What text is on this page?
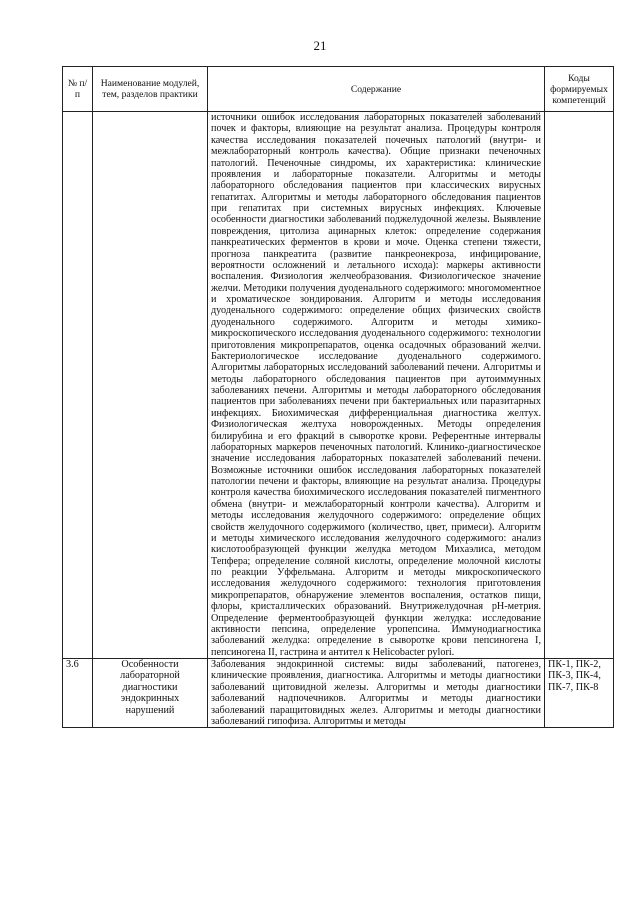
21
№ п/п	Наименование модулей, тем, разделов практики	Содержание	Коды формируемых компетенций

		источники ошибок исследования лабораторных показателей заболеваний почек и факторы, влияющие на результат анализа. Процедуры контроля качества исследования показателей почечных патологий (внутри- и межлабораторный контроль качества). Общие признаки печеночных патологий. Печеночные синдромы, их характеристика: клинические проявления и лабораторные показатели. Алгоритмы и методы лабораторного обследования пациентов при классических вирусных гепатитах. Алгоритмы и методы лабораторного обследования пациентов при гепатитах при системных вирусных инфекциях. Ключевые особенности диагностики заболеваний поджелудочной железы. Выявление повреждения, цитолиза ацинарных клеток: определение содержания панкреатических ферментов в крови и моче. Оценка степени тяжести, прогноза панкреатита (развитие панкреонекроза, инфицирование, вероятности осложнений и летального исхода): маркеры активности воспаления. Физиология желчеобразования. Физиологическое значение желчи. Методики получения дуоденального содержимого: многомоментное и хроматическое зондирования. Алгоритм и методы исследования дуоденального содержимого: определение общих физических свойств дуоденального содержимого. Алгоритм и методы химико-микроскопического исследования дуоденального содержимого: технологии приготовления микропрепаратов, оценка осадочных образований желчи. Бактериологическое исследование дуоденального содержимого. Алгоритмы лабораторных исследований заболеваний печени. Алгоритмы и методы лабораторного обследования пациентов при аутоиммунных заболеваниях печени. Алгоритмы и методы лабораторного обследования пациентов при заболеваниях печени при бактериальных или паразитарных инфекциях. Биохимическая дифференциальная диагностика желтух. Физиологическая желтуха новорожденных. Методы определения билирубина и его фракций в сыворотке крови. Референтные интервалы лабораторных маркеров печеночных патологий. Клинико-диагностическое значение исследования лабораторных показателей заболеваний печени. Возможные источники ошибок исследования лабораторных показателей патологии печени и факторы, влияющие на результат анализа. Процедуры контроля качества биохимического исследования показателей пигментного обмена (внутри- и межлабораторный контроли качества). Алгоритм и методы исследования желудочного содержимого: определение общих свойств желудочного содержимого (количество, цвет, примеси). Алгоритм и методы химического исследования желудочного содержимого: анализ кислотообразующей функции желудка методом Михаэлиса, методом Тепфера; определение соляной кислоты, определение молочной кислоты по реакции Уффельмана. Алгоритм и методы микроскопического исследования желудочного содержимого: технология приготовления микропрепаратов, обнаружение элементов воспаления, остатков пищи, флоры, кристаллических образований. Внутрижелудочная pH-метрия. Определение ферментообразующей функции желудка: исследование активности пепсина, определение уропепсина. Иммунодиагностика заболеваний желудка: определение в сыворотке крови пепсиногена I, пепсиногена II, гастрина и антител к Helicobacter pylori.	

3.6	Особенности лабораторной диагностики эндокринных нарушений	Заболевания эндокринной системы: виды заболеваний, патогенез, клинические проявления, диагностика. Алгоритмы и методы диагностики заболеваний щитовидной железы. Алгоритмы и методы диагностики заболеваний надпочечников. Алгоритмы и методы диагностики заболеваний паращитовидных желез. Алгоритмы и методы диагностики заболеваний гипофиза. Алгоритмы и методы	ПК-1, ПК-2, ПК-3, ПК-4, ПК-7, ПК-8
